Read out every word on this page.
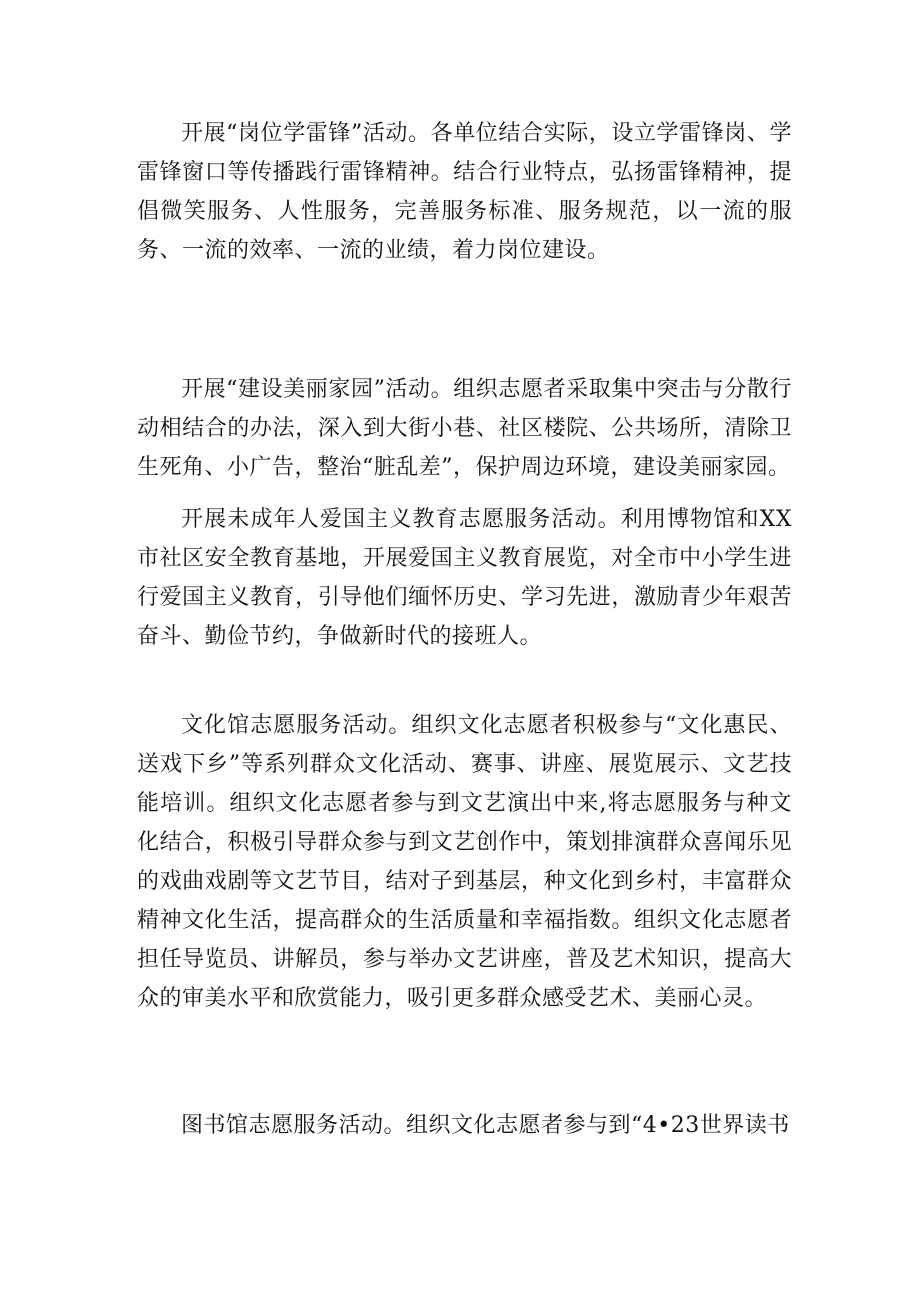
开展“岗位学雷锋”活动。各单位结合实际，设立学雷锋岗、学雷锋窗口等传播践行雷锋精神。结合行业特点，弘扬雷锋精神，提倡微笑服务、人性服务，完善服务标准、服务规范，以一流的服务、一流的效率、一流的业绩，着力岗位建设。

开展“建设美丽家园”活动。组织志愿者采取集中突击与分散行动相结合的办法，深入到大街小巷、社区楼院、公共场所，清除卫生死角、小广告，整治“脏乱差”，保护周边环境，建设美丽家园。

开展未成年人爱国主义教育志愿服务活动。利用博物馆和XX市社区安全教育基地，开展爱国主义教育展览，对全市中小学生进行爱国主义教育，引导他们缅怀历史、学习先进，激励青少年艰苦奋斗、勤俭节约，争做新时代的接班人。

文化馆志愿服务活动。组织文化志愿者积极参与“文化惠民、送戏下乡”等系列群众文化活动、赛事、讲座、展览展示、文艺技能培训。组织文化志愿者参与到文艺演出中来,将志愿服务与种文化结合，积极引导群众参与到文艺创作中，策划排演群众喜闻乐见的戏曲戏剧等文艺节目，结对子到基层，种文化到乡村，丰富群众精神文化生活，提高群众的生活质量和幸福指数。组织文化志愿者担任导览员、讲解员，参与举办文艺讲座，普及艺术知识，提高大众的审美水平和欣赏能力，吸引更多群众感受艺术、美丽心灵。

图书馆志愿服务活动。组织文化志愿者参与到“4•23世界读书
